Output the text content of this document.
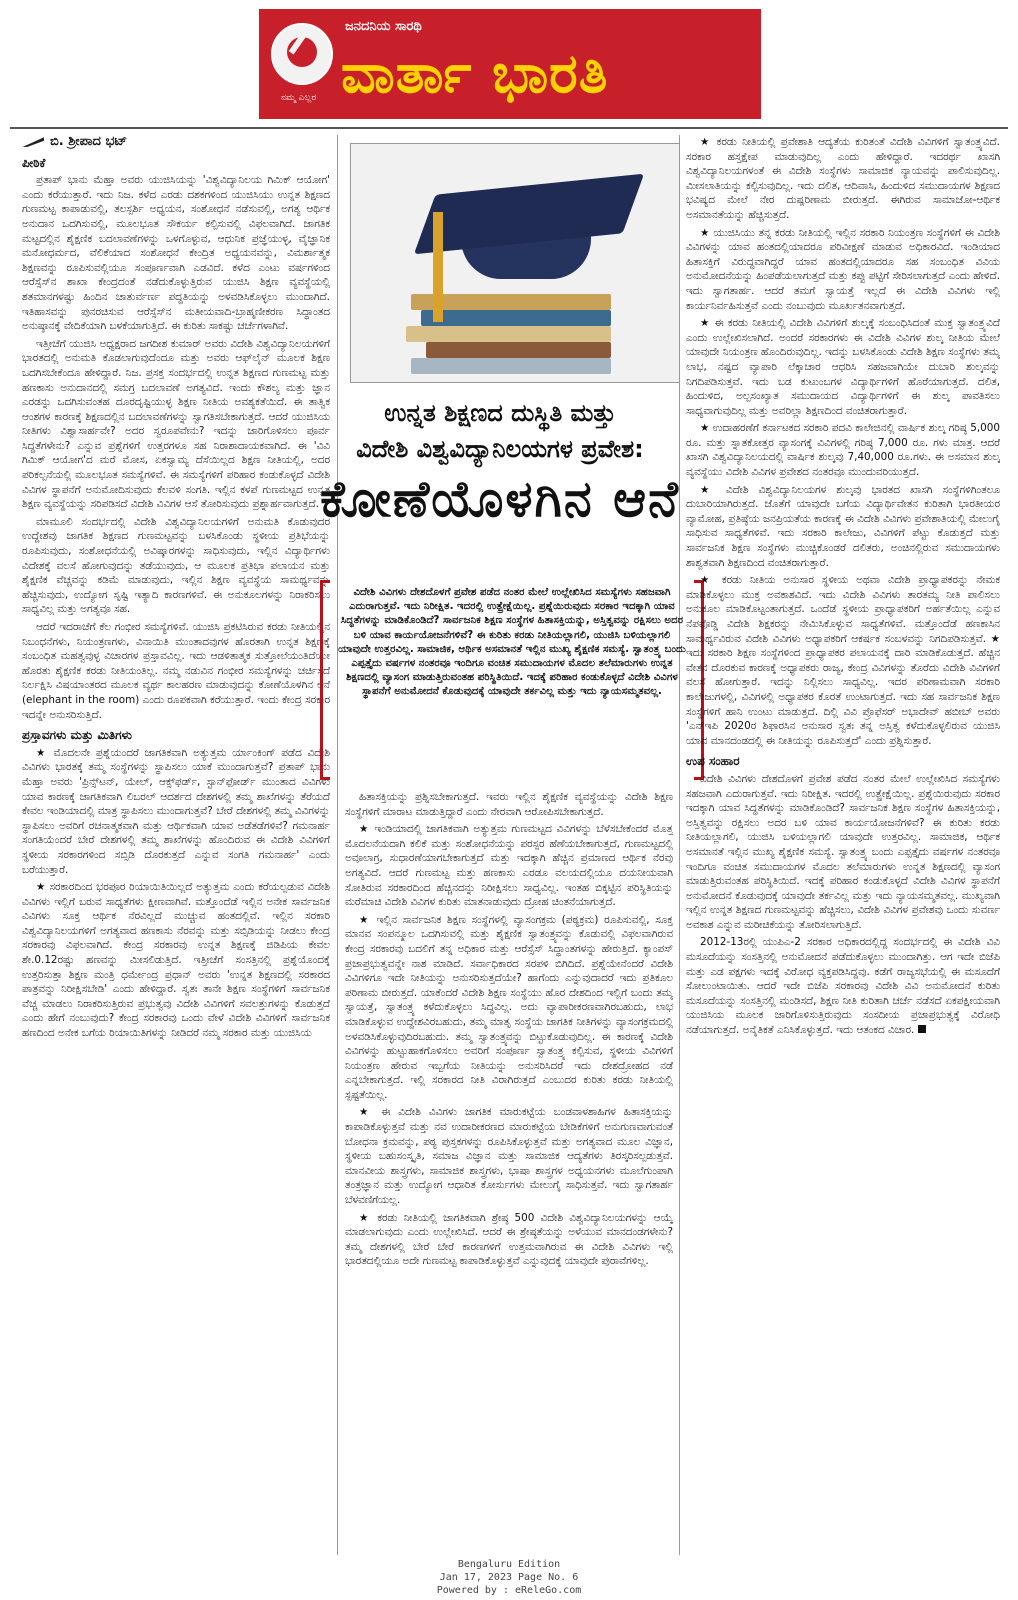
ಜನದನಿಯ ಸಾರಥಿ
ವಾರ್ತಾ ಭಾರತಿ
ನಮ್ಮ ಎಲ್ಲರ
ಬಿ. ಶ್ರೀಪಾದ ಭಟ್
ಪೀಠಿಕೆ

ಪ್ರತಾಪ್ ಭಾನು ಮೆಹ್ತಾ ಅವರು ಯುಜಿಸಿಯನ್ನು 'ವಿಶ್ವವಿದ್ಯಾನಿಲಯ ಗಿಮಿಕ್ ಆಯೋಗ' ಎಂದು ಕರೆಯುತ್ತಾರೆ. ಇದು ನಿಜ. ಕಳೆದ ಎರಡು ದಶಕಗಳಿಂದ ಯುಜಿಸಿಯು ಉನ್ನತ ಶಿಕ್ಷಣದ ಗುಣಮಟ್ಟ ಕಾಪಾಡುವಲ್ಲಿ, ತಲಸ್ಪರ್ಶಿ ಅಧ್ಯಯನ, ಸಂಶೋಧನೆ ನಡೆಸುವಲ್ಲಿ, ಅಗತ್ಯ ಆರ್ಥಿಕ ಅನುದಾನ ಒದಗಿಸುವಲ್ಲಿ, ಮೂಲಭೂತ ಸೌಕರ್ಯ ಕಲ್ಪಿಸುವಲ್ಲಿ ವಿಫಲವಾಗಿದೆ. ಜಾಗತಿಕ ಮಟ್ಟದಲ್ಲಿನ ಶೈಕ್ಷಣಿಕ ಬದಲಾವಣೆಗಳನ್ನು ಒಳಗೊಳ್ಳುವ, ಆಧುನಿಕ ಪ್ರಜ್ಞೆಯುಳ್ಳ, ವೈಜ್ಞಾನಿಕ ಮನೋಧರ್ಮದ, ವೆಲಿಕೆಯಾದ ಸಂಶೋಧನೆ ಕೇಂದ್ರಿತ ಅಧ್ಯಯನವನ್ನು, ವಿಮರ್ಶಾತ್ಮಕ ಶಿಕ್ಷಣವನ್ನು ರೂಪಿಸುವಲ್ಲಿಯೂ ಸಂಪೂರ್ಣವಾಗಿ ಎಡವಿದೆ. ಕಳೆದ ಎಂಟು ವರ್ಷಗಳಿಂದ ಆರೆಸ್ಸೆಸ್‌ನ ಶಾಖಾ ಕೇಂದ್ರದಂತೆ ನಡೆದುಕೊಳ್ಳುತ್ತಿರುವ ಯುಜಿಸಿ ಶಿಕ್ಷಣ ವ್ಯವಸ್ಥೆಯಲ್ಲಿ ಶತಮಾನಗಳಷ್ಟು ಹಿಂದಿನ ಚಾತುರ್ವರ್ಣ ಪದ್ಧತಿಯನ್ನು ಅಳವಡಿಸಿಕೊಳ್ಳಲು ಮುಂದಾಗಿದೆ. ಇತಿಹಾಸವನ್ನು ಪುನರಚಿಸುವ ಆರೆಸ್ಸೆಸ್‌ನ ಮತೀಯವಾದಿ-ಬ್ರಾಹ್ಮಣೀಕರಣ ಸಿದ್ಧಾಂತದ ಅನುಷ್ಠಾನಕ್ಕೆ ವೇದಿಕೆಯಾಗಿ ಬಳಕೆಯಾಗುತ್ತಿದೆ. ಈ ಕುರಿತು ಸಾಕಷ್ಟು ಚರ್ಚೆಗಳಾಗಿವೆ.

ಇತ್ತೀಚೆಗೆ ಯುಜಿಸಿ ಅಧ್ಯಕ್ಷರಾದ ಜಗದೀಶ ಕುಮಾರ್ ಅವರು ವಿದೇಶಿ ವಿಶ್ವವಿದ್ಯಾನಿಲಯಗಳಿಗೆ ಭಾರತದಲ್ಲಿ ಅನುಮತಿ ಕೊಡಲಾಗುವುದೆಂದೂ ಮತ್ತು ಅವರು ಆಫ್‌ಲೈನ್ ಮೂಲಕ ಶಿಕ್ಷಣ ಒದಗಿಸಬೇಕೆಂದೂ ಹೇಳಿದ್ದಾರೆ. ನಿಜ. ಪ್ರಸಕ್ತ ಸಂದರ್ಭದಲ್ಲಿ ಉನ್ನತ ಶಿಕ್ಷಣದ ಗುಣಮಟ್ಟ ಮತ್ತು ಹಣಕಾಸು ಅನುದಾನದಲ್ಲಿ ಸಮಗ್ರ ಬದಲಾವಣೆ ಅಗತ್ಯವಿದೆ. ಇಂದು ಕೌಶಲ್ಯ ಮತ್ತು ಜ್ಞಾನ ಎರಡನ್ನು ಒದಗಿಸುವಂತಹ ದೂರದೃಷ್ಟಿಯುಳ್ಳ ಶಿಕ್ಷಣ ನೀತಿಯ ಅವಶ್ಯಕತೆಯಿದೆ. ಈ ತಾತ್ವಿಕ ಆಂಶಗಳ ಕಾರಣಕ್ಕೆ ಶಿಕ್ಷಣದಲ್ಲಿನ ಬದಲಾವಣೆಗಳನ್ನು ಸ್ವಾಗತಿಸಬೇಕಾಗುತ್ತದೆ. ಆದರೆ ಯುಜಿಸಿಯ ನೀತಿಗಳು ವಿಶ್ವಾಸಾರ್ಹವೇ? ಅದರ ಸ್ವರೂಪವೇನು? ಇದನ್ನು ಜಾರಿಗೊಳಿಸಲು ಪೂರ್ವ ಸಿದ್ಧತೆಗಳೇನು? ಎನ್ನುವ ಪ್ರಶ್ನೆಗಳಿಗೆ ಉತ್ತರಗಳೂ ಸಹ ನಿರಾಶಾದಾಯಕವಾಗಿದೆ. ಈ 'ವಿವಿ ಗಿಮಿಕ್ ಆಯೋಗ'ದ ಮರೆ ಮೋಸ, ಏಕಸ್ವಾಮ್ಯ ದೆಸೆಯಿಲ್ಲದ ಶಿಕ್ಷಣ ನೀತಿಯಲ್ಲಿ, ಅದರ ಪರಿಕಲ್ಪನೆಯಲ್ಲಿ ಮೂಲಭೂತ ಸಮಸ್ಯೆಗಳಿವೆ. ಈ ಸಮಸ್ಯೆಗಳಿಗೆ ಪರಿಹಾರ ಕಂಡುಕೊಳ್ಳದೆ ವಿದೇಶಿ ವಿವಿಗಳ ಸ್ಥಾಪನೆಗೆ ಅನುಮೋದಿಸುವುದು ಕೆಲವಳಿ ಸಂಗತಿ. ಇಲ್ಲಿನ ಕಳಪೆ ಗುಣಮಟ್ಟದ ಉನ್ನತ ಶಿಕ್ಷಣ ವ್ಯವಸ್ಥೆಯನ್ನು ಸರಿಪಡಿಸದೆ ವಿದೇಶಿ ವಿವಿಗಳ ಆಸೆ ತೋರಿಸುವುದು ಪ್ರಶ್ನಾರ್ಹವಾಗುತ್ತದೆ.

ಮಾಮೂಲಿ ಸಂದರ್ಭದಲ್ಲಿ ವಿದೇಶಿ ವಿಶ್ವವಿದ್ಯಾನಿಲಯಗಳಿಗೆ ಅನುಮತಿ ಕೊಡುವುದರ ಉದ್ದೇಶವು ಜಾಗತಿಕ ಶಿಕ್ಷಣದ ಗುಣಮಟ್ಟವನ್ನು ಬಳಸಿಕೊಂಡು ಸ್ಥಳೀಯ ಪ್ರತಿಭೆಯನ್ನು ರೂಪಿಸುವುದು, ಸಂಶೋಧನೆಯಲ್ಲಿ ಅವಿಷ್ಕಾರಗಳನ್ನು ಸಾಧಿಸುವುದು, ಇಲ್ಲಿನ ವಿದ್ಯಾರ್ಥಿಗಳು ವಿದೇಶಕ್ಕೆ ವಲಸೆ ಹೋಗುವುದನ್ನು ತಡೆಯುವುದು, ಆ ಮೂಲಕ ಪ್ರತಿಭಾ ಪಲಾಯನ ಮತ್ತು ಶೈಕ್ಷಣಿಕ ವೆಚ್ಚವನ್ನು ಕಡಿಮೆ ಮಾಡುವುದು, ಇಲ್ಲಿನ ಶಿಕ್ಷಣ ವ್ಯವಸ್ಥೆಯ ಸಾಮರ್ಥ್ಯವನ್ನು ಹೆಚ್ಚಿಸುವುದು, ಉದ್ಯೋಗ ಸೃಷ್ಟಿ ಇತ್ಯಾದಿ ಕಾರಣಗಳಿವೆ. ಈ ಅನುಕೂಲಗಳನ್ನು ನಿರಾಕರಿಸಲು ಸಾಧ್ಯವಿಲ್ಲ ಮತ್ತು ಅಗತ್ಯವೂ ಸಹ.

ಆದರೆ ಇದರಾಚೆಗೆ ಕೆಲ ಗಂಭೀರ ಸಮಸ್ಯೆಗಳಿವೆ. ಯುಜಿಸಿ ಪ್ರಕಟಿಸಿರುವ ಕರಡು ನೀತಿಯಲ್ಲಿನ ನಿಬಂಧನೆಗಳು, ನಿಯಂತ್ರಣಗಳು, ವಿನಾಯಿತಿ ಮುಂತಾದವುಗಳ ಹೊರತಾಗಿ ಉನ್ನತ ಶಿಕ್ಷಣಕ್ಕೆ ಸಂಬಂಧಿತ ಮಹತ್ವವುಳ್ಳ ವಿಚಾರಗಳ ಪ್ರಸ್ತಾವವಿಲ್ಲ. ಇದು ಆಡಳಿತಾತ್ಮಕ ಸುತ್ತೋಲೆಯಂತಿದೆಯೇ ಹೊರತು ಶೈಕ್ಷಣಿಕ ಕರಡು ನೀತಿಯಂತಿಲ್ಲ. ನಮ್ಮ ನಡುವಿನ ಗಂಭೀರ ಸಮಸ್ಯೆಗಳನ್ನು ಚರ್ಚಿಸದೆ ನಿರ್ಲಕ್ಷಿಸಿ ವಿಷಯಾಂತರದ ಮೂಲಕ ವ್ಯರ್ಥ ಕಾಲಹರಣ ಮಾಡುವುದನ್ನು ಕೋಣೆಯೊಳಗಿನ ಆನೆ (elephant in the room) ಎಂದು ರೂಪಕವಾಗಿ ಕರೆಯುತ್ತಾರೆ. ಇಂದು ಕೇಂದ್ರ ಸರಕಾರ ಇದನ್ನೇ ಅನುಸರಿಸುತ್ತಿದೆ.

ಪ್ರಸ್ತಾವಗಳು ಮತ್ತು ಮಿತಿಗಳು

★ ಮೊದಲನೇ ಪ್ರಶ್ನೆಯಂದರೆ ಜಾಗತಿಕವಾಗಿ ಅತ್ಯುತ್ತಮ ರ್ಯಾಂಕಿಂಗ್ ಪಡೆದ ವಿದೇಶಿ ವಿವಿಗಳು ಭಾರತಕ್ಕೆ ತಮ್ಮ ಸಂಸ್ಥೆಗಳನ್ನು ಸ್ಥಾಪಿಸಲು ಯಾಕೆ ಮುಂದಾಗುತ್ತವೆ? ಪ್ರತಾಪ್ ಭಾನು ಮೆಹ್ತಾ ಅವರು 'ಪ್ರಿನ್ಸ್‌ಟನ್, ಯೇಲ್, ಆಕ್ಸ್‌ಫರ್ಡ್, ಸ್ಟಾನ್‌ಫೋರ್ಡ್ ಮುಂತಾದ ವಿವಿಗಳು ಯಾವ ಕಾರಣಕ್ಕೆ ಜಾಗತಿಕವಾಗಿ ಲಿಬರಲ್ ಆದರ್ಶದ ದೇಶಗಳಲ್ಲಿ ತಮ್ಮ ಶಾಖೆಗಳನ್ನು ತೆರೆಯದೆ ಕೇವಲ ಇಂಡಿಯಾದಲ್ಲಿ ಮಾತ್ರ ಸ್ಥಾಪಿಸಲು ಮುಂದಾಗುತ್ತವೆ? ಬೇರೆ ದೇಶಗಳಲ್ಲಿ ತಮ್ಮ ವಿವಿಗಳನ್ನು ಸ್ಥಾಪಿಸಲು ಅವರಿಗೆ ರಚನಾತ್ಮಕವಾಗಿ ಮತ್ತು ಆರ್ಥಿಕವಾಗಿ ಯಾವ ಅಡೆತಡೆಗಳಿವೆ? ಗಮನಾರ್ಹ ಸಂಗತಿಯೆಂದರೆ ಬೇರೆ ದೇಶಗಳಲ್ಲಿ ತಮ್ಮ ಶಾಖೆಗಳನ್ನು ಹೊಂದಿರುವ ಈ ವಿದೇಶಿ ವಿವಿಗಳಿಗೆ ಸ್ಥಳೀಯ ಸರಕಾರಗಳಿಂದ ಸಬ್ಸಿಡಿ ದೊರಕುತ್ತದೆ ಎನ್ನುವ ಸಂಗತಿ ಗಮನಾರ್ಹ' ಎಂದು ಬರೆಯುತ್ತಾರೆ.

★ ಸರಕಾರದಿಂದ ಭರಪೂರ ರಿಯಾಯಿತಿಯಿಲ್ಲದೆ ಅತ್ಯುತ್ತಮ ಎಂದು ಕರೆಯಲ್ಪಡುವ ವಿದೇಶಿ ವಿವಿಗಳು ಇಲ್ಲಿಗೆ ಬರುವ ಸಾಧ್ಯತೆಗಳು ಕ್ಷೀಣವಾಗಿವೆ. ಮತ್ತೊಂದೆಡೆ ಇಲ್ಲಿನ ಅನೇಕ ಸಾರ್ವಜನಿಕ ವಿವಿಗಳು ಸೂಕ್ತ ಆರ್ಥಿಕ ನೆರವಿಲ್ಲದೆ ಮುಚ್ಚುವ ಹಂತದಲ್ಲಿವೆ. ಇಲ್ಲಿನ ಸರಕಾರಿ ವಿಶ್ವವಿದ್ಯಾನಿಲಯಗಳಿಗೆ ಅಗತ್ಯವಾದ ಹಣಕಾಸು ನೆರವನ್ನು ಮತ್ತು ಸಬ್ಸಿಡಿಯನ್ನು ನೀಡಲು ಕೇಂದ್ರ ಸರಕಾರವು ವಿಫಲವಾಗಿದೆ. ಕೇಂದ್ರ ಸರಕಾರವು ಉನ್ನತ ಶಿಕ್ಷಣಕ್ಕೆ ಜಿಡಿಪಿಯ ಕೇವಲ ಶೇ.0.12ರಷ್ಟು ಹಣವನ್ನು ಮೀಸಲಿಡುತ್ತಿದೆ. ಇತ್ತೀಚೆಗೆ ಸಂಸತ್ತಿನಲ್ಲಿ ಪ್ರಶ್ನೆಯೊಂದಕ್ಕೆ ಉತ್ತರಿಸುತ್ತಾ ಶಿಕ್ಷಣ ಮಂತ್ರಿ ಧರ್ಮೇಂದ್ರ ಪ್ರಧಾನ್ ಅವರು 'ಉನ್ನತ ಶಿಕ್ಷಣದಲ್ಲಿ ಸರಕಾರದ ಪಾತ್ರವನ್ನು ನಿರೀಕ್ಷಿಸಬೇಡಿ' ಎಂದು ಹೇಳಿದ್ದಾರೆ. ಸ್ವತಃ ತಾನೇ ಶಿಕ್ಷಣ ಸಂಸ್ಥೆಗಳಿಗೆ ಸಾರ್ವಜನಿಕ ವೆಚ್ಚ ಮಾಡಲು ನಿರಾಕರಿಸುತ್ತಿರುವ ಪ್ರಭುತ್ವವು ವಿದೇಶಿ ವಿವಿಗಳಿಗೆ ಸವಲತ್ತುಗಳನ್ನು ಕೊಡುತ್ತದೆ ಎಂದು ಹೇಗೆ ನಂಬುವುದು? ಕೇಂದ್ರ ಸರಕಾರವು ಒಂದು ವೇಳೆ ವಿದೇಶಿ ವಿವಿಗಳಿಗೆ ಸಾರ್ವಜನಿಕ ಹಣದಿಂದ ಅನೇಕ ಬಗೆಯ ರಿಯಾಯಿತಿಗಳನ್ನು ನೀಡಿದರೆ ನಮ್ಮ ಸರಕಾರ ಮತ್ತು ಯುಜಿಸಿಯ

ಉನ್ನತ ಶಿಕ್ಷಣದ ದುಸ್ಥಿತಿ ಮತ್ತು
ವಿದೇಶಿ ವಿಶ್ವವಿದ್ಯಾನಿಲಯಗಳ ಪ್ರವೇಶ:
ಕೋಣೆಯೊಳಗಿನ ಆನೆ
ವಿದೇಶಿ ವಿವಿಗಳು ದೇಶದೊಳಗೆ ಪ್ರವೇಶ ಪಡೆದ ನಂತರ ಮೇಲೆ ಉಲ್ಲೇಖಿಸಿದ ಸಮಸ್ಯೆಗಳು ಸಹಜವಾಗಿ ಎದುರಾಗುತ್ತವೆ. ಇದು ನಿರೀಕ್ಷಿತ. ಇದರಲ್ಲಿ ಉತ್ಪ್ರೇಕ್ಷೆಯಿಲ್ಲ. ಪ್ರಶ್ನೆಯಿರುವುದು ಸರಕಾರ ಇದಕ್ಕಾಗಿ ಯಾವ ಸಿದ್ಧತೆಗಳನ್ನು ಮಾಡಿಕೊಂಡಿದೆ? ಸಾರ್ವಜನಿಕ ಶಿಕ್ಷಣ ಸಂಸ್ಥೆಗಳ ಹಿತಾಸಕ್ತಿಯನ್ನು, ಅಸ್ತಿತ್ವವನ್ನು ರಕ್ಷಿಸಲು ಅದರ ಬಳಿ ಯಾವ ಕಾರ್ಯಯೋಜನೆಗಳಿವೆ? ಈ ಕುರಿತು ಕರಡು ನೀತಿಯಲ್ಲಾಗಲಿ, ಯುಜಿಸಿ ಬಳಿಯಲ್ಲಾಗಲಿ ಯಾವುದೇ ಉತ್ತರವಿಲ್ಲ. ಸಾಮಾಜಿಕ, ಆರ್ಥಿಕ ಅಸಮಾನತೆ ಇಲ್ಲಿನ ಮುಖ್ಯ ಶೈಕ್ಷಣಿಕ ಸಮಸ್ಯೆ. ಸ್ವಾತಂತ್ರ್ಯ ಬಂದು ಎಪ್ಪತ್ತೈದು ವರ್ಷಗಳ ನಂತರವೂ ಇಂದಿಗೂ ವಂಚಿತ ಸಮುದಾಯಗಳ ಮೊದಲ ತಲೆಮಾರುಗಳು ಉನ್ನತ ಶಿಕ್ಷಣದಲ್ಲಿ ವ್ಯಾಸಂಗ ಮಾಡುತ್ತಿರುವಂತಹ ಪರಿಸ್ಥಿತಿಯಿದೆ. ಇದಕ್ಕೆ ಪರಿಹಾರ ಕಂಡುಕೊಳ್ಳದೆ ವಿದೇಶಿ ವಿವಿಗಳ ಸ್ಥಾಪನೆಗೆ ಅನುಮೋದನೆ ಕೊಡುವುದಕ್ಕೆ ಯಾವುದೇ ತರ್ಕವಿಲ್ಲ ಮತ್ತು ಇದು ನ್ಯಾಯಸಮ್ಮತವಲ್ಲ.

ಹಿತಾಸಕ್ತಿಯನ್ನು ಪ್ರಶ್ನಿಸಬೇಕಾಗುತ್ತದೆ. ಇವರು ಇಲ್ಲಿನ ಶೈಕ್ಷಣಿಕ ವ್ಯವಸ್ಥೆಯನ್ನು ವಿದೇಶಿ ಶಿಕ್ಷಣ ಸಂಸ್ಥೆಗಳಿಗೆ ಮಾರಾಟ ಮಾಡುತ್ತಿದ್ದಾರೆ ಎಂದು ನೇರವಾಗಿ ಆರೋಪಿಸಬೇಕಾಗುತ್ತದೆ.

★ ಇಂಡಿಯಾದಲ್ಲಿ ಜಾಗತಿಕವಾಗಿ ಅತ್ಯುತ್ತಮ ಗುಣಮಟ್ಟದ ವಿವಿಗಳನ್ನು ಬೆಳೆಸಬೇಕೆಂದರೆ ಮೊತ್ತ ಮೊದಲನೆಯದಾಗಿ ಕಲಿಕೆ ಮತ್ತು ಸಂಶೋಧನೆಯನ್ನು ಪರಸ್ಪರ ಹೆಣೆಯಬೇಕಾಗುತ್ತದೆ, ಗುಣಮಟ್ಟದಲ್ಲಿ ಅವೂಲಾಗ್ರ, ಸುಧಾರಣೆಯಾಗಬೇಕಾಗುತ್ತದೆ ಮತ್ತು ಇದಕ್ಕಾಗಿ ಹೆಚ್ಚಿನ ಪ್ರಮಾಣದ ಆರ್ಥಿಕ ನೆರವು ಅಗತ್ಯವಿದೆ. ಆದರೆ ಗುಣಮಟ್ಟ ಮತ್ತು ಹಣಕಾಸು ಎರಡೂ ವಲಯದಲ್ಲಿಯೂ ದಯನೀಯವಾಗಿ ಸೋತಿರುವ ಸರಕಾರದಿಂದ ಹೆಚ್ಚಿನದನ್ನು ನಿರೀಕ್ಷಿಸಲು ಸಾಧ್ಯವಿಲ್ಲ. ಇಂತಹ ಬಿಕ್ಕಟ್ಟಿನ ಪರಿಸ್ಥಿತಿಯನ್ನು ಮರೆಮಾಚಿ ವಿದೇಶಿ ವಿವಿಗಳ ಕುರಿತು ಮಾತನಾಡುವುದು ದ್ರೋಹ ಚಿಂತನೆಯಾಗುತ್ತದೆ.

★ ಇಲ್ಲಿನ ಸಾರ್ವಜನಿಕ ಶಿಕ್ಷಣ ಸಂಸ್ಥೆಗಳಲ್ಲಿ ವ್ಯಾಸಂಗಕ್ರಮ (ಪಠ್ಯಕ್ರಮ) ರೂಪಿಸುವಲ್ಲಿ, ಸೂಕ್ತ ಮಾನವ ಸಂಪನ್ಮೂಲ ಒದಗಿಸುವಲ್ಲಿ ಮತ್ತು ಶೈಕ್ಷಣಿಕ ಸ್ವಾತಂತ್ರ್ಯವನ್ನು ಕೊಡುವಲ್ಲಿ ವಿಫಲವಾಗಿರುವ ಕೇಂದ್ರ ಸರಕಾರವು ಬದಲಿಗೆ ತನ್ನ ಅಧಿಕಾರ ಮತ್ತು ಆರೆಸ್ಸೆಸ್ ಸಿದ್ಧಾಂತಗಳನ್ನು ಹೇರುತ್ತಿದೆ. ಕ್ಯಾಂಪಸ್ ಪ್ರಜಾಪ್ರಭುತ್ವವನ್ನೇ ನಾಶ ಮಾಡಿದೆ. ಸರ್ವಾಧಿಕಾರದ ಸರಪಳಿ ಬಿಗಿದಿದೆ. ಪ್ರಶ್ನೆಯೇನೆಂದರೆ ವಿದೇಶಿ ವಿವಿಗಳಿಗೂ ಇದೇ ನೀತಿಯನ್ನು ಅನುಸರಿಸುತ್ತದೆಯೇ? ಹಾಗೆಂದು ಎನ್ನುವುದಾದರೆ ಇದು ಪ್ರತಿಕೂಲ ಪರಿಣಾಮ ಬೀರುತ್ತದೆ. ಯಾಕೆಂದರೆ ವಿದೇಶಿ ಶಿಕ್ಷಣ ಸಂಸ್ಥೆಯು ಹೊರ ದೇಶದಿಂದ ಇಲ್ಲಿಗೆ ಬಂದು ತಮ್ಮ ಸ್ವಾಯತ್ತೆ, ಸ್ವಾತಂತ್ರ್ಯ ಕಳೆದುಕೊಳ್ಳಲು ಸಿದ್ಧವಿಲ್ಲ. ಅದು ವ್ಯಾಪಾರೀಕರಣವಾಗಿರಬಹುದು, ಲಾಭ ಮಾಡಿಕೊಳ್ಳುವ ಉದ್ದೇಶವಿರಬಹುದು, ತಮ್ಮ ಮಾತೃ ಸಂಸ್ಥೆಯ ಜಾಗತಿಕ ನೀತಿಗಳನ್ನು ವ್ಯಾಸಂಗಕ್ರಮದಲ್ಲಿ ಅಳವಡಿಸಿಕೊಳ್ಳುವುದಿರಬಹುದು. ತಮ್ಮ ಸ್ವಾತಂತ್ರ್ಯವನ್ನು ಬಿಟ್ಟುಕೊಡುವುದಿಲ್ಲ. ಈ ಕಾರಣಕ್ಕೆ ವಿದೇಶಿ ವಿವಿಗಳನ್ನು ಹುಟ್ಟುಹಾಕಗೊಳಿಸಲು ಅವರಿಗೆ ಸಂಪೂರ್ಣ ಸ್ವಾತಂತ್ರ್ಯ ಕಲ್ಪಿಸುವ, ಸ್ಥಳೀಯ ವಿವಿಗಳಿಗೆ ನಿಯಂತ್ರಣ ಹೇರುವ ಇಬ್ಬಗೆಯ ನೀತಿಯನ್ನು ಅನುಸರಿಸಿದರೆ ಇದು ದೇಶದ್ರೋಹದ ನಡೆ ಎನ್ನಬೇಕಾಗುತ್ತದೆ. ಇಲ್ಲಿ ಸರಕಾರದ ನೀತಿ ವಿರಾಗಿರುತ್ತದೆ ಎಂಬುದರ ಕುರಿತು ಕರಡು ನೀತಿಯಲ್ಲಿ ಸ್ಪಷ್ಟತೆಯಿಲ್ಲ.

★ ಈ ವಿದೇಶಿ ವಿವಿಗಳು ಜಾಗತಿಕ ಮಾರುಕಟ್ಟೆಯ ಬಂಡವಾಳಶಾಹಿಗಳ ಹಿತಾಸಕ್ತಿಯನ್ನು ಕಾಪಾಡಿಕೊಳ್ಳುತ್ತವೆ ಮತ್ತು ನವ ಉದಾರೀಕರಣದ ಮಾರುಕಟ್ಟೆಯ ಬೇಡಿಕೆಗಳಿಗೆ ಅನುಗುಣವಾಗುವಂತೆ ಬೋಧನಾ ಕ್ರಮವನ್ನು, ಪಠ್ಯ ಪುಸ್ತಕಗಳನ್ನು ರೂಪಿಸಿಕೊಳ್ಳುತ್ತವೆ ಮತ್ತು ಅಗತ್ಯವಾದ ಮೂಲ ವಿಜ್ಞಾನ, ಸ್ಥಳೀಯ ಬಹುಸಂಸ್ಕೃತಿ, ಸಮಾಜ ವಿಜ್ಞಾನ ಮತ್ತು ಸಾಮಾಜಿಕ ಆದ್ಯತೆಗಳು ತಿರಸ್ಕರಿಸಲ್ಪಡುತ್ತವೆ. ಮಾನವೀಯ ಶಾಸ್ತ್ರಗಳು, ಸಾಮಾಜಿಕ ಶಾಸ್ತ್ರಗಳು, ಭಾಷಾ ಶಾಸ್ತ್ರಗಳ ಅಧ್ಯಯನಗಳು ಮೂಲೆಗುಂಪಾಗಿ ತಂತ್ರಜ್ಞಾನ ಮತ್ತು ಉದ್ಯೋಗ ಆಧಾರಿತ ಕೋರ್ಸುಗಳು ಮೇಲುಗೈ ಸಾಧಿಸುತ್ತವೆ. ಇದು ಸ್ವಾಗತಾರ್ಹ ಬೆಳವಣಿಗೆಯಲ್ಲ.

★ ಕರಡು ನೀತಿಯಲ್ಲಿ ಜಾಗತಿಕವಾಗಿ ಶ್ರೇಷ್ಠ 500 ವಿದೇಶಿ ವಿಶ್ವವಿದ್ಯಾನಿಲಯಗಳನ್ನು ಆಯ್ಕೆ ಮಾಡಲಾಗುವುದು ಎಂದು ಉಲ್ಲೇಖಿಸಿದೆ. ಆದರೆ ಈ ಶ್ರೇಷ್ಠತೆಯನ್ನು ಅಳೆಯುವ ಮಾನದಂಡಗಳೇನು? ತಮ್ಮ ದೇಶಗಳಲ್ಲಿ ಬೇರೆ ಬೇರೆ ಕಾರಣಗಳಿಗೆ ಉತ್ತಮವಾಗಿರುವ ಈ ವಿದೇಶಿ ವಿವಿಗಳು ಇಲ್ಲಿ ಭಾರತದಲ್ಲಿಯೂ ಅದೇ ಗುಣಮಟ್ಟ ಕಾಪಾಡಿಕೊಳ್ಳುತ್ತವೆ ಎನ್ನುವುದಕ್ಕೆ ಯಾವುದೇ ಪುರಾವೆಗಳಿಲ್ಲ.

★ ಕರಡು ನೀತಿಯಲ್ಲಿ ಪ್ರವೇಶಾತಿ ಆದ್ಯತೆಯ ಕುರಿತಂತೆ ವಿದೇಶಿ ವಿವಿಗಳಿಗೆ ಸ್ವಾತಂತ್ರ್ಯವಿದೆ. ಸರಕಾರ ಹಸ್ತಕ್ಷೇಪ ಮಾಡುವುದಿಲ್ಲ ಎಂದು ಹೇಳಿದ್ದಾರೆ. ಇದರರ್ಥ ಖಾಸಗಿ ವಿಶ್ವವಿದ್ಯಾನಿಲಯಗಳಂತೆ ಈ ವಿದೇಶಿ ಸಂಸ್ಥೆಗಳು ಸಾಮಾಜಿಕ ನ್ಯಾಯವನ್ನು ಪಾಲಿಸುವುದಿಲ್ಲ. ಮೀಸಲಾತಿಯನ್ನು ಕಲ್ಪಿಸುವುದಿಲ್ಲ. ಇದು ದಲಿತ, ಆದಿವಾಸಿ, ಹಿಂದುಳಿದ ಸಮುದಾಯಗಳ ಶಿಕ್ಷಣದ ಭವಿಷ್ಯದ ಮೇಲೆ ನೇರ ದುಷ್ಪರಿಣಾಮ ಬೀರುತ್ತದೆ. ಈಗಿರುವ ಸಾಮಾಜೋ-ಆರ್ಥಿಕ ಅಸಮಾನತೆಯನ್ನು ಹೆಚ್ಚಿಸುತ್ತದೆ.

★ ಯುಜಿಸಿಯು ತನ್ನ ಕರಡು ನೀತಿಯಲ್ಲಿ ಇಲ್ಲಿನ ಸರಕಾರಿ ನಿಯಂತ್ರಣ ಸಂಸ್ಥೆಗಳಿಗೆ ಈ ವಿದೇಶಿ ವಿವಿಗಳನ್ನು ಯಾವ ಹಂತದಲ್ಲಿಯಾದರೂ ಪರಿವೀಕ್ಷಣೆ ಮಾಡುವ ಅಧಿಕಾರವಿದೆ. ಇಂಡಿಯಾದ ಹಿತಾಸಕ್ತಿಗೆ ವಿರುದ್ಧವಾಗಿದ್ದರೆ ಯಾವ ಹಂತದಲ್ಲಿಯಾದರೂ ಸಹ ಸಂಬಂಧಿತ ವಿವಿಯ ಅನುಮೋದನೆಯನ್ನು ಹಿಂಪಡೆಯಲಾಗುತ್ತದೆ ಮತ್ತು ಕಪ್ಪು ಪಟ್ಟಿಗೆ ಸೇರಿಸಲಾಗುತ್ತದೆ ಎಂದು ಹೇಳಿದೆ. ಇದು ಸ್ವಾಗತಾರ್ಹ. ಆದರೆ ತಮಗೆ ಸ್ವಾಯತ್ತೆ ಇಲ್ಲದೆ ಈ ವಿದೇಶಿ ವಿವಿಗಳು ಇಲ್ಲಿ ಕಾರ್ಯನಿರ್ವಹಿಸುತ್ತವೆ ಎಂದು ನಂಬುವುದು ಮೂರ್ಖತನವಾಗುತ್ತದೆ.

★ ಈ ಕರಡು ನೀತಿಯಲ್ಲಿ ವಿದೇಶಿ ವಿವಿಗಳಿಗೆ ಶುಲ್ಕಕ್ಕೆ ಸಂಬಂಧಿಸಿದಂತೆ ಮುಕ್ತ ಸ್ವಾತಂತ್ರ್ಯವಿದೆ ಎಂದು ಉಲ್ಲೇಖಿಸಲಾಗಿದೆ. ಅಂದರೆ ಸರಕಾರಗಳು ಈ ವಿದೇಶಿ ವಿವಿಗಳ ಶುಲ್ಕ ನೀತಿಯ ಮೇಲೆ ಯಾವುದೇ ನಿಯಂತ್ರಣ ಹೊಂದಿರುವುದಿಲ್ಲ. ಇದನ್ನು ಬಳಸಿಕೊಂಡು ವಿದೇಶಿ ಶಿಕ್ಷಣ ಸಂಸ್ಥೆಗಳು ತಮ್ಮ ಲಾಭ, ನಷ್ಟದ ವ್ಯಾಪಾರಿ ಲೆಕ್ಕಾಚಾರ ಆಧರಿಸಿ ಸಹಜವಾಗಿಯೇ ದುಬಾರಿ ಶುಲ್ಕವನ್ನು ನಿಗದಿಪಡಿಸುತ್ತವೆ. ಇದು ಬಡ ಕುಟುಂಬಗಳ ವಿದ್ಯಾರ್ಥಿಗಳಿಗೆ ಹೊರೆಯಾಗುತ್ತದೆ. ದಲಿತ, ಹಿಂದುಳಿದ, ಅಲ್ಪಸಂಖ್ಯಾತ ಸಮುದಾಯದ ವಿದ್ಯಾರ್ಥಿಗಳಿಗೆ ಈ ಶುಲ್ಕ ಪಾವತಿಸಲು ಸಾಧ್ಯವಾಗುವುದಿಲ್ಲ ಮತ್ತು ಅವರಿಲ್ಲಾ ಶಿಕ್ಷಣದಿಂದ ವಂಚಿತರಾಗುತ್ತಾರೆ.

★ ಉದಾಹರಣೆಗೆ ಕರ್ನಾಟಕದ ಸರಕಾರಿ ಪದವಿ ಕಾಲೇಜಿನಲ್ಲಿ ವಾರ್ಷಿಕ ಶುಲ್ಕ ಗರಿಷ್ಠ 5,000 ರೂ. ಮತ್ತು ಸ್ನಾತಕೋತ್ತರ ವ್ಯಾಸಂಗಕ್ಕೆ ವಿವಿಗಳಲ್ಲಿ ಗರಿಷ್ಠ 7,000 ರೂ. ಗಳು ಮಾತ್ರ. ಆದರೆ ಖಾಸಗಿ ವಿಶ್ವವಿದ್ಯಾನಿಲಯದಲ್ಲಿ ವಾರ್ಷಿಕ ಶುಲ್ಕವು 7,40,000 ರೂ.ಗಳು. ಈ ಅಸಮಾನ ಶುಲ್ಕ ವ್ಯವಸ್ಥೆಯು ವಿದೇಶಿ ವಿವಿಗಳ ಪ್ರವೇಶದ ನಂತರವೂ ಮುಂದುವರಿಯುತ್ತದೆ.

★ ವಿದೇಶಿ ವಿಶ್ವವಿದ್ಯಾನಿಲಯಗಳ ಶುಲ್ಕವು ಭಾರತದ ಖಾಸಗಿ ಸಂಸ್ಥೆಗಳಿಗಿಂತಲೂ ದುಬಾರಿಯಾಗಿರುತ್ತದೆ. ಜೊತೆಗೆ ಯಾವುದೇ ಬಗೆಯ ವಿದ್ಯಾರ್ಥಿವೇತನ ಕುರಿತಾಗಿ ಭಾರತೀಯರ ವ್ಯಾಮೋಹ, ಪ್ರತಿಷ್ಠೆಯ ಜನಪ್ರಿಯತೆಯ ಕಾರಣಕ್ಕೆ ಈ ವಿದೇಶಿ ವಿವಿಗಳು ಪ್ರವೇಶಾತಿಯಲ್ಲಿ ಮೇಲುಗೈ ಸಾಧಿಸುವ ಸಾಧ್ಯತೆಗಳಿವೆ. ಇದು ಸರಕಾರಿ ಕಾಲೇಜು, ವಿವಿಗಳಿಗೆ ಪೆಟ್ಟು ಕೊಡುತ್ತದೆ ಮತ್ತು ಸಾರ್ವಜನಿಕ ಶಿಕ್ಷಣ ಸಂಸ್ಥೆಗಳು ಮುಚ್ಚಿಕೊಂಡರೆ ದಲಿತರು, ಅಂಚಿನಲ್ಲಿರುವ ಸಮುದಾಯಗಳು ಶಾಶ್ವತವಾಗಿ ಶಿಕ್ಷಣದಿಂದ ವಂಚಿತರಾಗುತ್ತಾರೆ.

★ ಕರಡು ನೀತಿಯ ಅನುಸಾರ ಸ್ಥಳೀಯ ಅಥವಾ ವಿದೇಶಿ ಪ್ರಾಧ್ಯಾಪಕರನ್ನು ನೇಮಕ ಮಾಡಿಕೊಳ್ಳಲು ಮುಕ್ತ ಅವಕಾಶವಿದೆ. ಇದು ವಿದೇಶಿ ವಿವಿಗಳು ತಾರತಮ್ಯ ನೀತಿ ಪಾಲಿಸಲು ಅನುಕೂಲ ಮಾಡಿಕೊಟ್ಟಂತಾಗುತ್ತದೆ. ಒಂದೆಡೆ ಸ್ಥಳೀಯ ಪ್ರಾಧ್ಯಾಪಕರಿಗೆ ಅರ್ಹತೆಯಿಲ್ಲ ಎನ್ನುವ ನೆಪವೊಡ್ಡಿ ವಿದೇಶಿ ಶಿಕ್ಷಕರನ್ನು ನೇಮಿಸಿಕೊಳ್ಳುವ ಸಾಧ್ಯತೆಗಳಿವೆ. ಮತ್ತೊಂದೆಡೆ ಹಣಕಾಸಿನ ಸಾಮರ್ಥ್ಯವಿರುವ ವಿದೇಶಿ ವಿವಿಗಳು ಅಧ್ಯಾಪಕರಿಗೆ ಆಕರ್ಷಕ ಸಂಬಳವನ್ನು ನಿಗದಿಪಡಿಸುತ್ತವೆ. ★ ಇದು ಸರಕಾರಿ ಶಿಕ್ಷಣ ಸಂಸ್ಥೆಗಳಿಂದ ಪ್ರಾಧ್ಯಾಪಕರ ಪಲಾಯನಕ್ಕೆ ದಾರಿ ಮಾಡಿಕೊಡುತ್ತದೆ. ಹೆಚ್ಚಿನ ವೇತನ ದೊರಕುವ ಕಾರಣಕ್ಕೆ ಅಧ್ಯಾಪಕರು ರಾಜ್ಯ, ಕೇಂದ್ರ ವಿವಿಗಳನ್ನು ತೊರೆದು ವಿದೇಶಿ ವಿವಿಗಳಿಗೆ ವಲಸೆ ಹೋಗುತ್ತಾರೆ. ಇದನ್ನು ನಿಲ್ಲಿಸಲು ಸಾಧ್ಯವಿಲ್ಲ. ಇದರ ಪರಿಣಾಮವಾಗಿ ಸರಕಾರಿ ಕಾಲೇಜುಗಳಲ್ಲಿ, ವಿವಿಗಳಲ್ಲಿ ಅಧ್ಯಾಪಕರ ಕೊರತೆ ಉಂಟಾಗುತ್ತದೆ. ಇದು ಸಹ ಸಾರ್ವಜನಿಕ ಶಿಕ್ಷಣ ಸಂಸ್ಥೆಗಳಿಗೆ ಹಾನಿ ಉಂಟು ಮಾಡುತ್ತದೆ. ದಿಲ್ಲಿ ವಿವಿ ಪ್ರೊಫೆಸರ್ ಅಭಾದೇವ್ ಹಬೀಬ್ ಅವರು 'ಎನ್‌ಇಪಿ 2020ರ ಶಿಫಾರಸಿನ ಅನುಸಾರ ಸ್ವತಃ ತನ್ನ ಅಸ್ತಿತ್ವ ಕಳೆದುಕೊಳ್ಳಲಿರುವ ಯುಜಿಸಿ ಯಾವ ಮಾನದಂಡದಲ್ಲಿ ಈ ನೀತಿಯನ್ನು ರೂಪಿಸುತ್ತದೆ' ಎಂದು ಪ್ರಶ್ನಿಸುತ್ತಾರೆ.

ಉಪ ಸಂಹಾರ

ವಿದೇಶಿ ವಿವಿಗಳು ದೇಶದೊಳಗೆ ಪ್ರವೇಶ ಪಡೆದ ನಂತರ ಮೇಲೆ ಉಲ್ಲೇಖಿಸಿದ ಸಮಸ್ಯೆಗಳು ಸಹಜವಾಗಿ ಎದುರಾಗುತ್ತವೆ. ಇದು ನಿರೀಕ್ಷಿತ. ಇದರಲ್ಲಿ ಉತ್ಪ್ರೇಕ್ಷೆಯಿಲ್ಲ. ಪ್ರಶ್ನೆಯಿರುವುದು ಸರಕಾರ ಇದಕ್ಕಾಗಿ ಯಾವ ಸಿದ್ಧತೆಗಳನ್ನು ಮಾಡಿಕೊಂಡಿದೆ? ಸಾರ್ವಜನಿಕ ಶಿಕ್ಷಣ ಸಂಸ್ಥೆಗಳ ಹಿತಾಸಕ್ತಿಯನ್ನು, ಅಸ್ತಿತ್ವವನ್ನು ರಕ್ಷಿಸಲು ಅದರ ಬಳಿ ಯಾವ ಕಾರ್ಯಯೋಜನೆಗಳಿವೆ? ಈ ಕುರಿತು ಕರಡು ನೀತಿಯಲ್ಲಾಗಲಿ, ಯುಜಿಸಿ ಬಳಿಯಲ್ಲಾಗಲಿ ಯಾವುದೇ ಉತ್ತರವಿಲ್ಲ. ಸಾಮಾಜಿಕ, ಆರ್ಥಿಕ ಅಸಮಾನತೆ ಇಲ್ಲಿನ ಮುಖ್ಯ ಶೈಕ್ಷಣಿಕ ಸಮಸ್ಯೆ. ಸ್ವಾತಂತ್ರ್ಯ ಬಂದು ಎಪ್ಪತ್ತೈದು ವರ್ಷಗಳ ನಂತರವೂ ಇಂದಿಗೂ ವಂಚಿತ ಸಮುದಾಯಗಳ ಮೊದಲ ತಲೆಮಾರುಗಳು ಉನ್ನತ ಶಿಕ್ಷಣದಲ್ಲಿ ವ್ಯಾಸಂಗ ಮಾಡುತ್ತಿರುವಂತಹ ಪರಿಸ್ಥಿತಿಯಿದೆ. ಇದಕ್ಕೆ ಪರಿಹಾರ ಕಂಡುಕೊಳ್ಳದೆ ವಿದೇಶಿ ವಿವಿಗಳ ಸ್ಥಾಪನೆಗೆ ಅನುಮೋದನೆ ಕೊಡುವುದಕ್ಕೆ ಯಾವುದೇ ತರ್ಕವಿಲ್ಲ ಮತ್ತು ಇದು ನ್ಯಾಯಸಮ್ಮತವಲ್ಲ. ಮುಖ್ಯವಾಗಿ ಇಲ್ಲಿನ ಉನ್ನತ ಶಿಕ್ಷಣದ ಗುಣಮಟ್ಟವನ್ನು ಹೆಚ್ಚಿಸಲು, ವಿದೇಶಿ ವಿವಿಗಳ ಪ್ರವೇಶವು ಒಂದು ಸುವರ್ಣ ಅವಕಾಶ ಎನ್ನುವ ಮರೀಚಿಕೆಯನ್ನು ತೋರಿಸಲಾಗುತ್ತಿದೆ.

2012-13ರಲ್ಲಿ ಯುಪಿಎ-2 ಸರಕಾರ ಅಧಿಕಾರದಲ್ಲಿದ್ದ ಸಂದರ್ಭದಲ್ಲಿ ಈ ವಿದೇಶಿ ವಿವಿ ಮಸೂದೆಯನ್ನು ಸಂಸತ್ತಿನಲ್ಲಿ ಅನುಮೋದನೆ ಪಡೆದುಕೊಳ್ಳಲು ಮುಂದಾಗಿತ್ತು. ಆಗ ಇದೇ ಬಿಜೆಪಿ ಮತ್ತು ಎಡ ಪಕ್ಷಗಳು ಇದಕ್ಕೆ ವಿರೋಧ ವ್ಯಕ್ತಪಡಿಸಿದ್ದವು. ಕಡೆಗೆ ರಾಜ್ಯಸಭೆಯಲ್ಲಿ ಈ ಮಸೂದೆಗೆ ಸೋಲುಂಟಾಯಿತು. ಆದರೆ ಇದೇ ಬಿಜೆಪಿ ಸರಕಾರವು ವಿದೇಶಿ ವಿವಿ ಅನುಮೋದನೆ ಕುರಿತು ಮಸೂದೆಯನ್ನು ಸಂಸತ್ತಿನಲ್ಲಿ ಮಂಡಿಸದೆ, ಶಿಕ್ಷಣ ನೀತಿ ಕುರಿತಾಗಿ ಚರ್ಚೆ ನಡೆಸದೆ ಏಕಪಕ್ಷೀಯವಾಗಿ ಯುಜಿಸಿಯ ಮೂಲಕ ಜಾರಿಗೊಳಿಸುತ್ತಿರುವುದು ಸಂಸದೀಯ ಪ್ರಜಾಪ್ರಭುತ್ವಕ್ಕೆ ವಿರೋಧಿ ನಡೆಯಾಗುತ್ತದೆ. ಅನೈತಿಕತೆ ಎನಿಸಿಕೊಳ್ಳುತ್ತದೆ. ಇದು ಆತಂಕದ ವಿಚಾರ.

Bengaluru Edition
Jan 17, 2023 Page No. 6
Powered by : eReleGo.com
